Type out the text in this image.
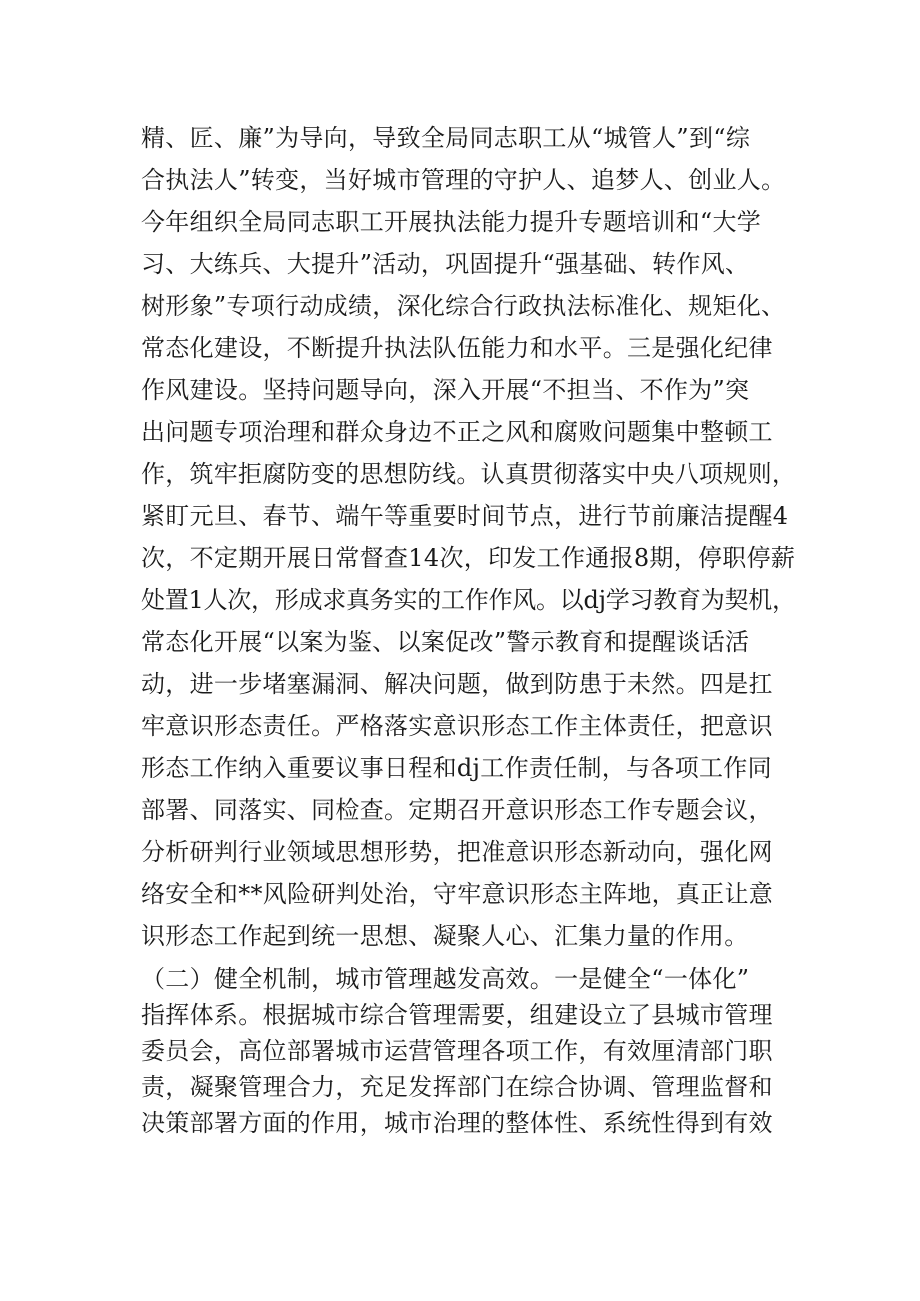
精、匠、廉”为导向，导致全局同志职工从“城管人”到“综
合执法人”转变，当好城市管理的守护人、追梦人、创业人。
今年组织全局同志职工开展执法能力提升专题培训和“大学
习、大练兵、大提升”活动，巩固提升“强基础、转作风、
树形象”专项行动成绩，深化综合行政执法标准化、规矩化、
常态化建设，不断提升执法队伍能力和水平。三是强化纪律
作风建设。坚持问题导向，深入开展“不担当、不作为”突
出问题专项治理和群众身边不正之风和腐败问题集中整顿工
作，筑牢拒腐防变的思想防线。认真贯彻落实中央八项规则，
紧盯元旦、春节、端午等重要时间节点，进行节前廉洁提醒4
次，不定期开展日常督查14次，印发工作通报8期，停职停薪
处置1人次，形成求真务实的工作作风。以dj学习教育为契机，
常态化开展“以案为鉴、以案促改”警示教育和提醒谈话活
动，进一步堵塞漏洞、解决问题，做到防患于未然。四是扛
牢意识形态责任。严格落实意识形态工作主体责任，把意识
形态工作纳入重要议事日程和dj工作责任制，与各项工作同
部署、同落实、同检查。定期召开意识形态工作专题会议，
分析研判行业领域思想形势，把准意识形态新动向，强化网
络安全和**风险研判处治，守牢意识形态主阵地，真正让意
识形态工作起到统一思想、凝聚人心、汇集力量的作用。
（二）健全机制，城市管理越发高效。一是健全“一体化”
指挥体系。根据城市综合管理需要，组建设立了县城市管理
委员会，高位部署城市运营管理各项工作，有效厘清部门职
责，凝聚管理合力，充足发挥部门在综合协调、管理监督和
决策部署方面的作用，城市治理的整体性、系统性得到有效
